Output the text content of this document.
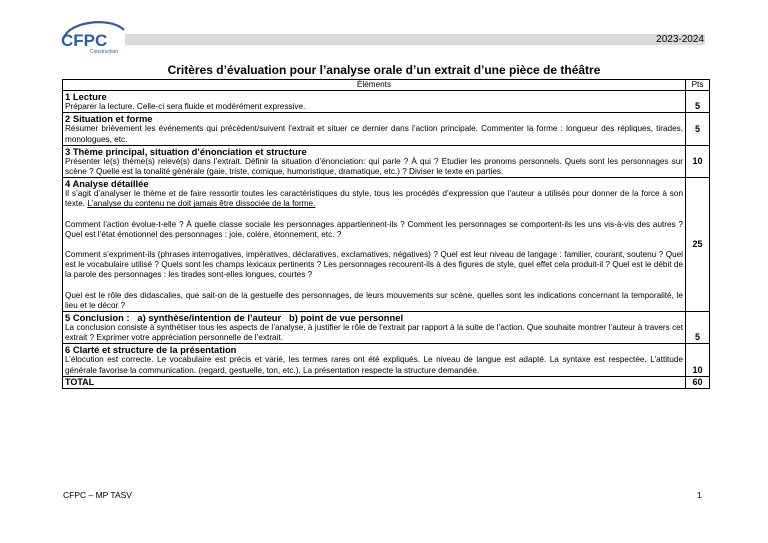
CFPC
Construction
2023-2024
Critères d’évaluation pour l’analyse orale d’un extrait d’une pièce de théâtre
Éléments	Pts

1 Lecture
Préparer la lecture. Celle-ci sera fluide et modérément expressive.	5

2 Situation et forme
Résumer brièvement les événements qui précèdent/suivent l’extrait et situer ce dernier dans l’action principale. Commenter la forme : longueur des répliques, tirades, monologues, etc.	5

3 Thème principal, situation d’énonciation et structure
Présenter le(s) thème(s) relevé(s) dans l’extrait. Définir la situation d’énonciation: qui parle ? À qui ? Etudier les pronoms personnels. Quels sont les personnages sur scène ? Quelle est la tonalité générale (gaie, triste, comique, humoristique, dramatique, etc.) ? Diviser le texte en parties.	10

4 Analyse détaillée
Il s’agit d’analyser le thème et de faire ressortir toutes les caractéristiques du style, tous les procédés d’expression que l’auteur a utilisés pour donner de la force à son texte. L’analyse du contenu ne doit jamais être dissociée de la forme.
Comment l’action évolue-t-elle ? À quelle classe sociale les personnages appartiennent-ils ? Comment les personnages se comportent-ils les uns vis-à-vis des autres ? Quel est l’état émotionnel des personnages : joie, colère, étonnement, etc. ?
Comment s’expriment-ils (phrases interrogatives, impératives, déclaratives, exclamatives, négatives) ? Quel est leur niveau de langage : familier, courant, soutenu ? Quel est le vocabulaire utilisé ? Quels sont les champs lexicaux pertinents ? Les personnages recourent-ils à des figures de style, quel effet cela produit-il ? Quel est le débit de la parole des personnages : les tirades sont-elles longues, courtes ?
Quel est le rôle des didascalies, que sait-on de la gestuelle des personnages, de leurs mouvements sur scène, quelles sont les indications concernant la temporalité, le lieu et le décor ?	25

5 Conclusion :   a) synthèse/intention de l’auteur   b) point de vue personnel
La conclusion consiste à synthétiser tous les aspects de l’analyse, à justifier le rôle de l’extrait par rapport à la suite de l’action. Que souhaite montrer l’auteur à travers cet extrait ? Exprimer votre appréciation personnelle de l’extrait.	5

6 Clarté et structure de la présentation
L’élocution est correcte. Le vocabulaire est précis et varié, les termes rares ont été expliqués. Le niveau de langue est adapté. La syntaxe est respectée. L’attitude générale favorise la communication. (regard, gestuelle, ton, etc.). La présentation respecte la structure demandée.	10
TOTAL	60
CFPC – MP TASV	1
